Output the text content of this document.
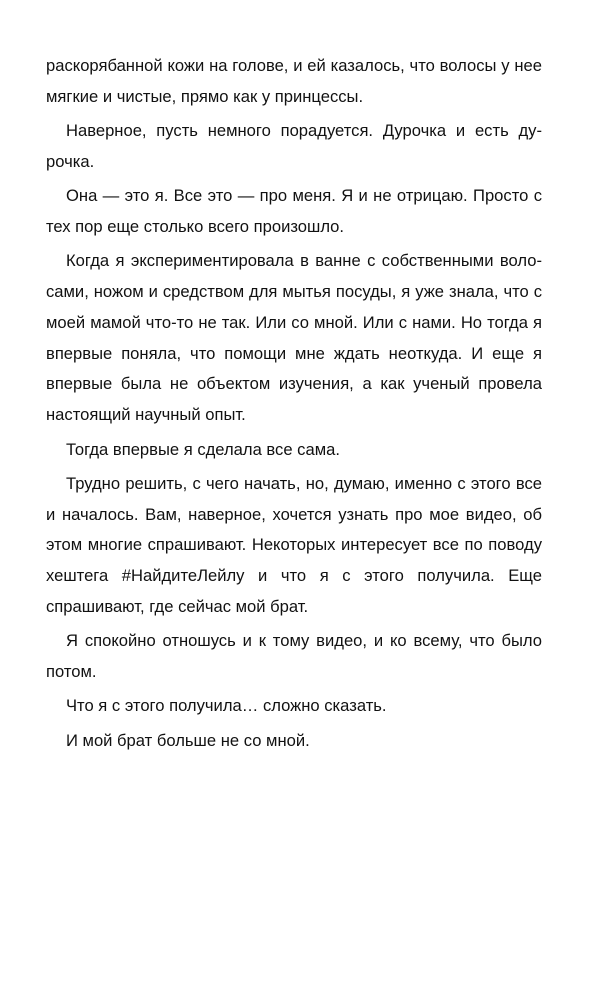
раскорябанной кожи на голове, и ей казалось, что волосы у нее мягкие и чистые, прямо как у принцессы.

Наверное, пусть немного порадуется. Дурочка и есть дурочка.

Она — это я. Все это — про меня. Я и не отрицаю. Просто с тех пор еще столько всего произошло.

Когда я экспериментировала в ванне с собственными волосами, ножом и средством для мытья посуды, я уже знала, что с моей мамой что-то не так. Или со мной. Или с нами. Но тогда я впервые поняла, что помощи мне ждать неоткуда. И еще я впервые была не объектом изучения, а как ученый провела настоящий научный опыт.

Тогда впервые я сделала все сама.

Трудно решить, с чего начать, но, думаю, именно с этого все и началось. Вам, наверное, хочется узнать про мое видео, об этом многие спрашивают. Некоторых интересует все по поводу хештега #НайдитеЛейлу и что я с этого получила. Еще спрашивают, где сейчас мой брат.

Я спокойно отношусь и к тому видео, и ко всему, что было потом.

Что я с этого получила… сложно сказать.

И мой брат больше не со мной.
